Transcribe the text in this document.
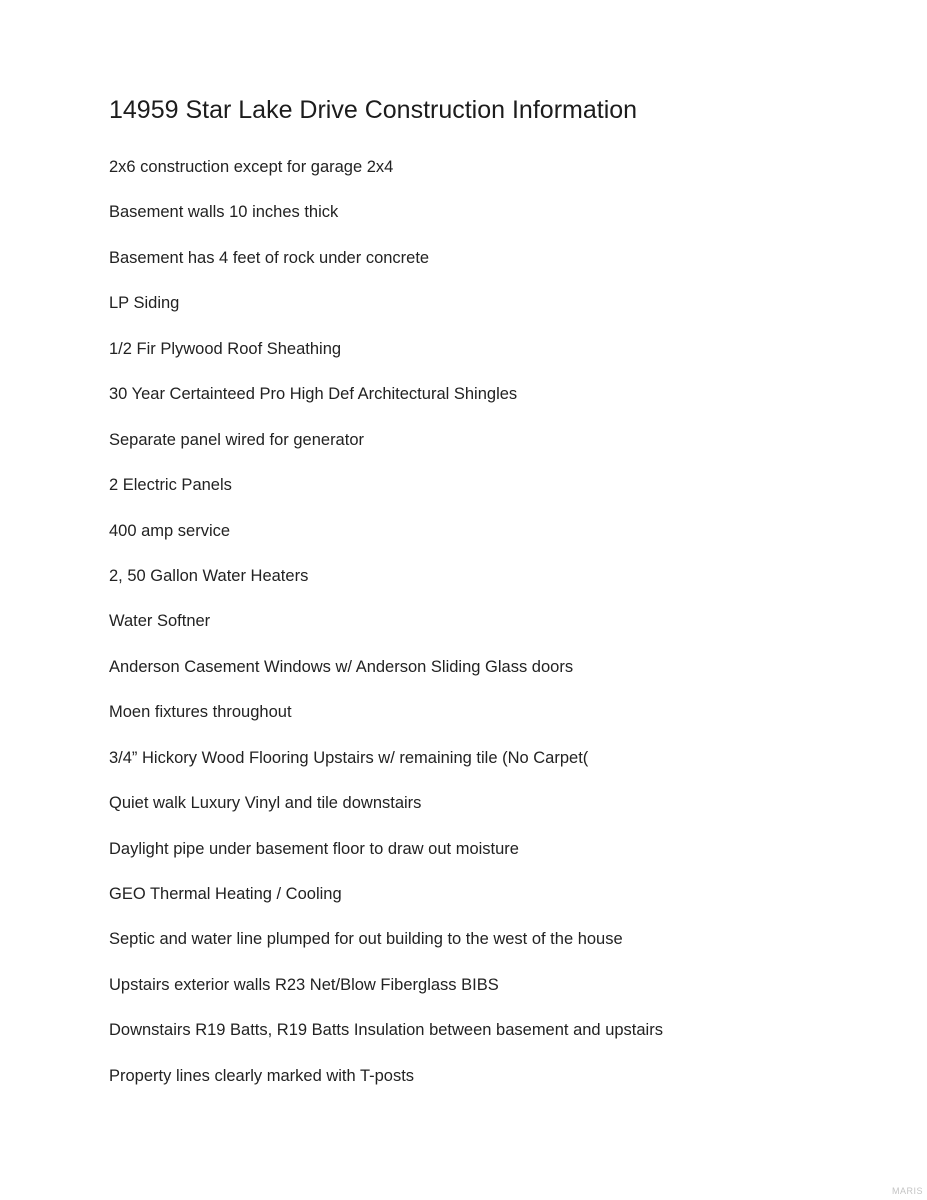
14959 Star Lake Drive Construction Information
2x6 construction except for garage 2x4
Basement walls 10 inches thick
Basement has 4 feet of rock under concrete
LP Siding
1/2 Fir Plywood Roof Sheathing
30 Year Certainteed Pro High Def Architectural Shingles
Separate panel wired for generator
2 Electric Panels
400 amp service
2, 50 Gallon Water Heaters
Water Softner
Anderson Casement Windows w/ Anderson Sliding Glass doors
Moen fixtures throughout
3/4” Hickory Wood Flooring Upstairs w/ remaining tile (No Carpet(
Quiet walk Luxury Vinyl and tile downstairs
Daylight pipe under basement floor to draw out moisture
GEO Thermal Heating / Cooling
Septic and water line plumped for out building to the west of the house
Upstairs exterior walls R23 Net/Blow Fiberglass BIBS
Downstairs R19 Batts, R19 Batts Insulation between basement and upstairs
Property lines clearly marked with T-posts
MARIS
